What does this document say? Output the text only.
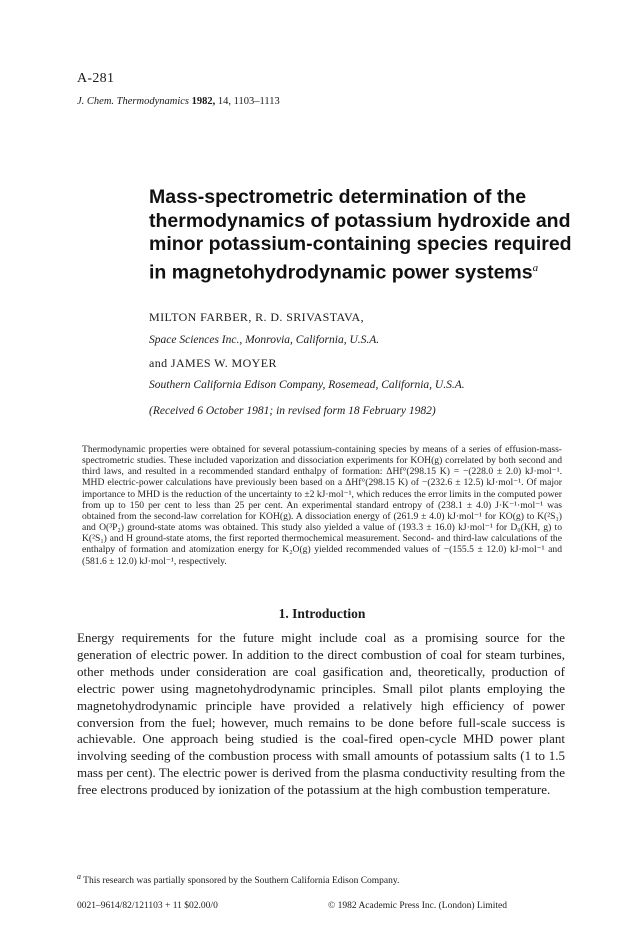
A-281
J. Chem. Thermodynamics 1982, 14, 1103–1113
Mass-spectrometric determination of the thermodynamics of potassium hydroxide and minor potassium-containing species required in magnetohydrodynamic power systems$^a$
MILTON FARBER, R. D. SRIVASTAVA,
Space Sciences Inc., Monrovia, California, U.S.A.
and JAMES W. MOYER
Southern California Edison Company, Rosemead, California, U.S.A.
(Received 6 October 1981; in revised form 18 February 1982)
Thermodynamic properties were obtained for several potassium-containing species by means of a series of effusion-mass-spectrometric studies. These included vaporization and dissociation experiments for KOH(g) correlated by both second and third laws, and resulted in a recommended standard enthalpy of formation: ΔHf°(298.15 K) = −(228.0 ± 2.0) kJ·mol⁻¹. MHD electric-power calculations have previously been based on a ΔHf°(298.15 K) of −(232.6 ± 12.5) kJ·mol⁻¹. Of major importance to MHD is the reduction of the uncertainty to ±2 kJ·mol⁻¹, which reduces the error limits in the computed power from up to 150 per cent to less than 25 per cent. An experimental standard entropy of (238.1 ± 4.0) J·K⁻¹·mol⁻¹ was obtained from the second-law correlation for KOH(g). A dissociation energy of (261.9 ± 4.0) kJ·mol⁻¹ for KO(g) to K(²S₁) and O(³P₂) ground-state atoms was obtained. This study also yielded a value of (193.3 ± 16.0) kJ·mol⁻¹ for D₀(KH, g) to K(²S₁) and H ground-state atoms, the first reported thermochemical measurement. Second- and third-law calculations of the enthalpy of formation and atomization energy for K₂O(g) yielded recommended values of −(155.5 ± 12.0) kJ·mol⁻¹ and (581.6 ± 12.0) kJ·mol⁻¹, respectively.
1. Introduction
Energy requirements for the future might include coal as a promising source for the generation of electric power. In addition to the direct combustion of coal for steam turbines, other methods under consideration are coal gasification and, theoretically, production of electric power using magnetohydrodynamic principles. Small pilot plants employing the magnetohydrodynamic principle have provided a relatively high efficiency of power conversion from the fuel; however, much remains to be done before full-scale success is achievable. One approach being studied is the coal-fired open-cycle MHD power plant involving seeding of the combustion process with small amounts of potassium salts (1 to 1.5 mass per cent). The electric power is derived from the plasma conductivity resulting from the free electrons produced by ionization of the potassium at the high combustion temperature.
$^a$ This research was partially sponsored by the Southern California Edison Company.
0021–9614/82/121103 + 11 $02.00/0	© 1982 Academic Press Inc. (London) Limited
